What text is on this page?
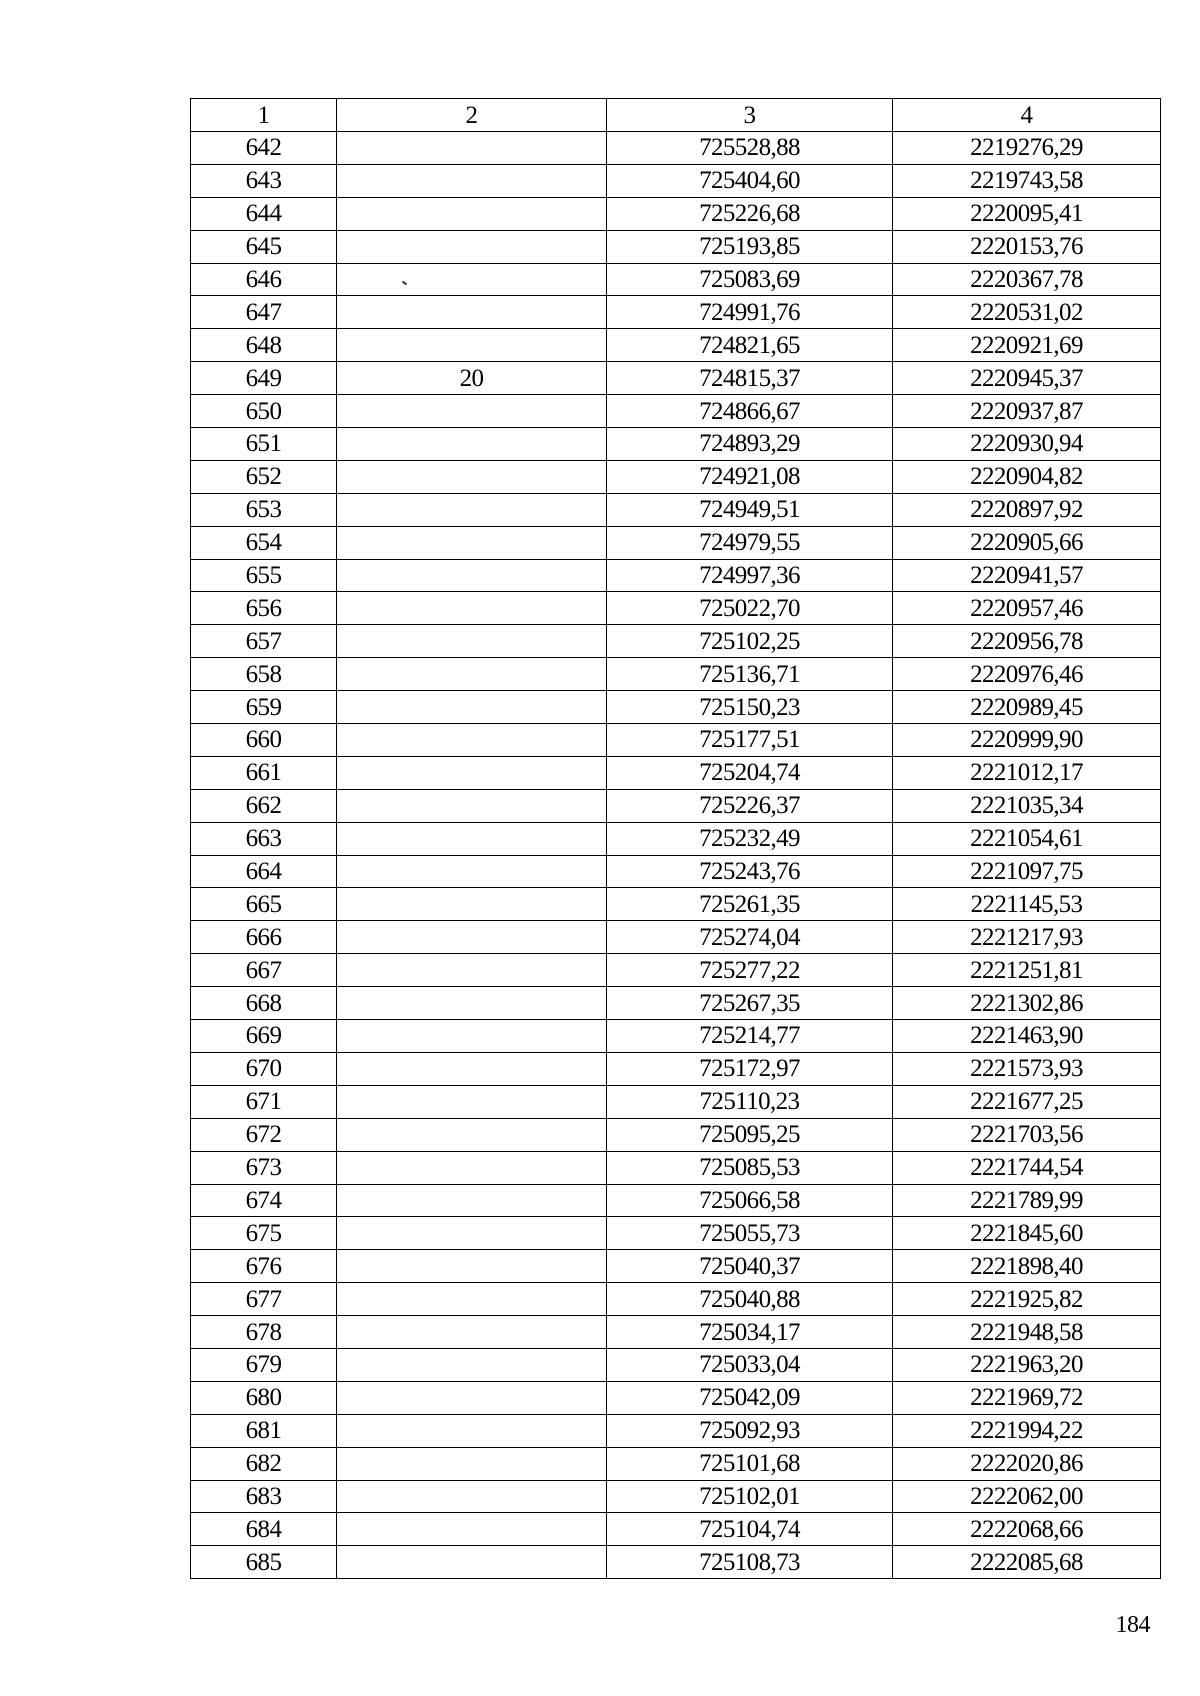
1	2	3	4
642		725528,88	2219276,29
643		725404,60	2219743,58
644		725226,68	2220095,41
645		725193,85	2220153,76
646		725083,69	2220367,78
647		724991,76	2220531,02
648		724821,65	2220921,69
649	20	724815,37	2220945,37
650		724866,67	2220937,87
651		724893,29	2220930,94
652		724921,08	2220904,82
653		724949,51	2220897,92
654		724979,55	2220905,66
655		724997,36	2220941,57
656		725022,70	2220957,46
657		725102,25	2220956,78
658		725136,71	2220976,46
659		725150,23	2220989,45
660		725177,51	2220999,90
661		725204,74	2221012,17
662		725226,37	2221035,34
663		725232,49	2221054,61
664		725243,76	2221097,75
665		725261,35	2221145,53
666		725274,04	2221217,93
667		725277,22	2221251,81
668		725267,35	2221302,86
669		725214,77	2221463,90
670		725172,97	2221573,93
671		725110,23	2221677,25
672		725095,25	2221703,56
673		725085,53	2221744,54
674		725066,58	2221789,99
675		725055,73	2221845,60
676		725040,37	2221898,40
677		725040,88	2221925,82
678		725034,17	2221948,58
679		725033,04	2221963,20
680		725042,09	2221969,72
681		725092,93	2221994,22
682		725101,68	2222020,86
683		725102,01	2222062,00
684		725104,74	2222068,66
685		725108,73	2222085,68
184
